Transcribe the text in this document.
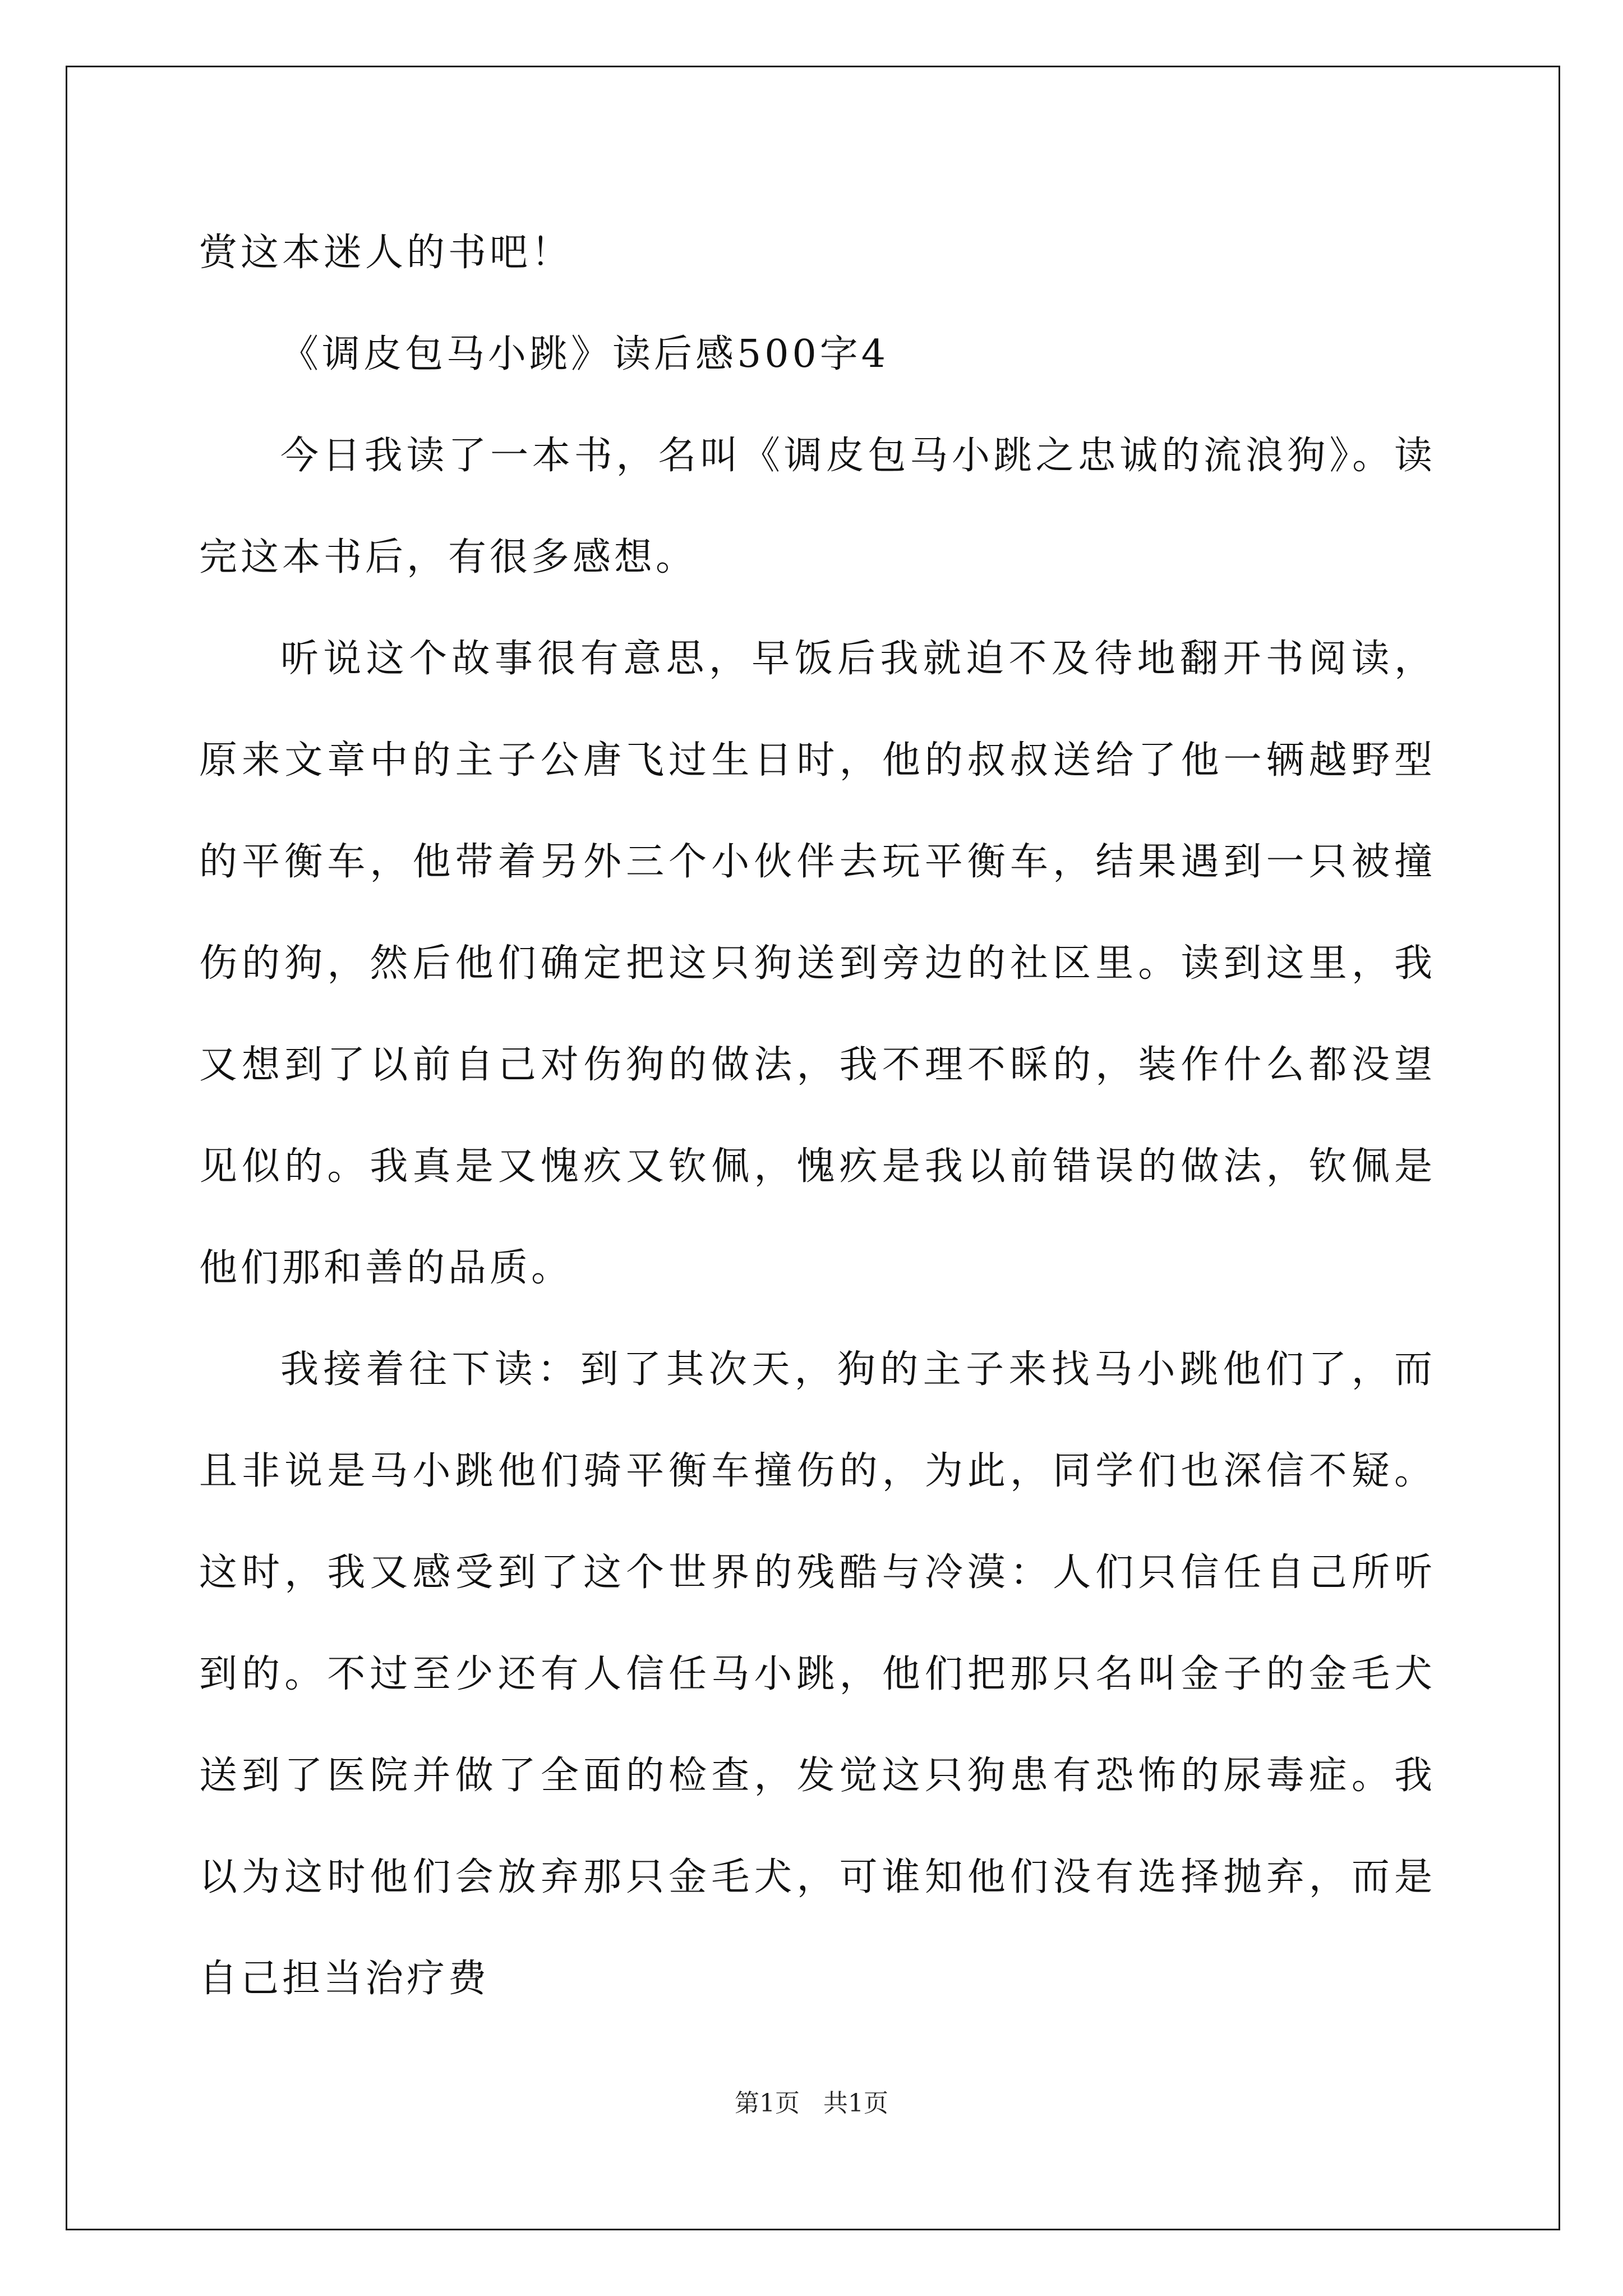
赏这本迷人的书吧！

《调皮包马小跳》读后感500字4

今日我读了一本书，名叫《调皮包马小跳之忠诚的流浪狗》。读完这本书后，有很多感想。

听说这个故事很有意思，早饭后我就迫不及待地翻开书阅读，原来文章中的主子公唐飞过生日时，他的叔叔送给了他一辆越野型的平衡车，他带着另外三个小伙伴去玩平衡车，结果遇到一只被撞伤的狗，然后他们确定把这只狗送到旁边的社区里。读到这里，我又想到了以前自己对伤狗的做法，我不理不睬的，装作什么都没望见似的。我真是又愧疚又钦佩，愧疚是我以前错误的做法，钦佩是他们那和善的品质。

我接着往下读：到了其次天，狗的主子来找马小跳他们了，而且非说是马小跳他们骑平衡车撞伤的，为此，同学们也深信不疑。这时，我又感受到了这个世界的残酷与冷漠：人们只信任自己所听到的。不过至少还有人信任马小跳，他们把那只名叫金子的金毛犬送到了医院并做了全面的检查，发觉这只狗患有恐怖的尿毒症。我以为这时他们会放弃那只金毛犬，可谁知他们没有选择抛弃，而是自己担当治疗费

第1页 共1页
